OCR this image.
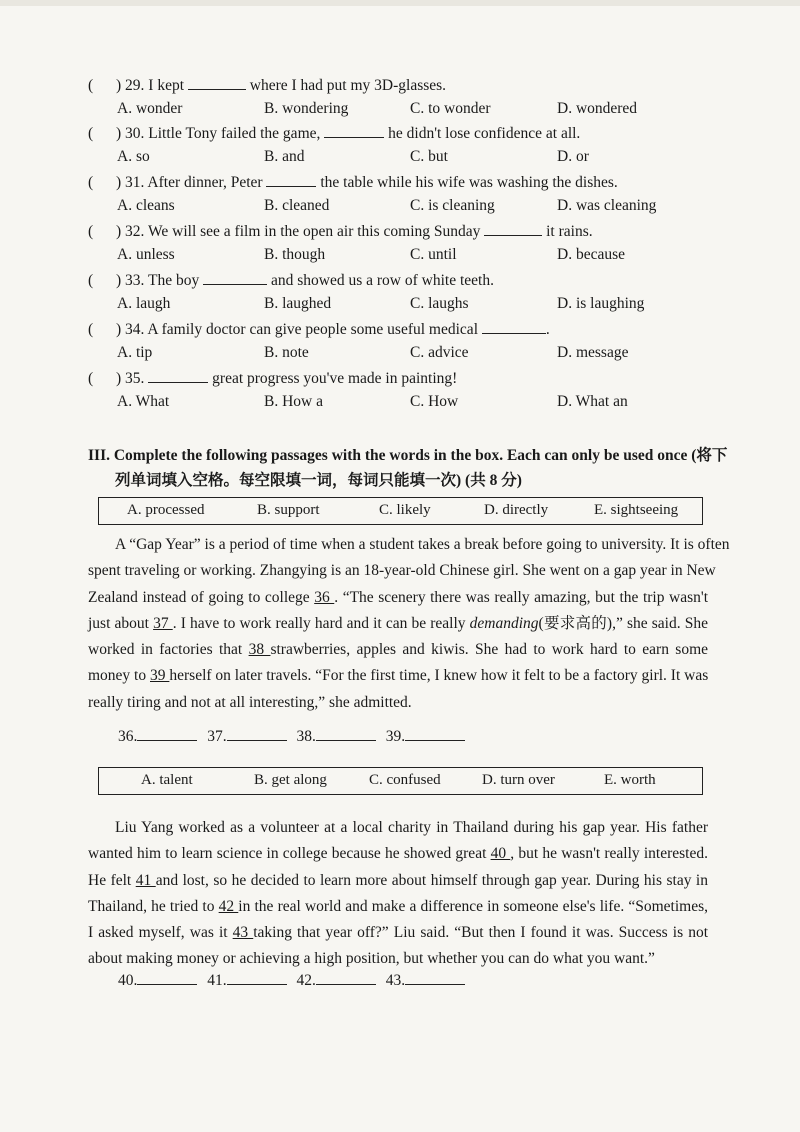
( ) 29. I kept	where I had put my 3D-glasses.
A. wonder	B. wondering	C. to wonder	D. wondered
( ) 30. Little Tony failed the game,	he didn't lose confidence at all.
A. so	B. and	C. but	D. or
( ) 31. After dinner, Peter	the table while his wife was washing the dishes.
A. cleans	B. cleaned	C. is cleaning	D. was cleaning
( ) 32. We will see a film in the open air this coming Sunday	it rains.
A. unless	B. though	C. until	D. because
( ) 33. The boy	and showed us a row of white teeth.
A. laugh	B. laughed	C. laughs	D. is laughing
( ) 34. A family doctor can give people some useful medical	.
A. tip	B. note	C. advice	D. message
( ) 35.	great progress you've made in painting!
A. What	B. How a	C. How	D. What an
III. Complete the following passages with the words in the box. Each can only be used once (将下
列单词填入空格。每空限填一词，每词只能填一次) (共 8 分)
A. processed	B. support	C. likely	D. directly	E. sightseeing
A “Gap Year” is a period of time when a student takes a break before going to university. It is often
spent traveling or working. Zhangying is an 18-year-old Chinese girl. She went on a gap year in New
Zealand instead of going to college 36 . “The scenery there was really amazing, but the trip wasn't
just about 37 . I have to work really hard and it can be really demanding(要求高的),” she said. She
worked in factories that 38 strawberries, apples and kiwis. She had to work hard to earn some
money to 39 herself on later travels. “For the first time, I knew how it felt to be a factory girl. It was
really tiring and not at all interesting,” she admitted.
36.	37.	38.	39.
A. talent	B. get along	C. confused	D. turn over	E. worth
Liu Yang worked as a volunteer at a local charity in Thailand during his gap year. His father
wanted him to learn science in college because he showed great 40 , but he wasn't really interested.
He felt 41 and lost, so he decided to learn more about himself through gap year. During his stay in
Thailand, he tried to 42 in the real world and make a difference in someone else's life. “Sometimes,
I asked myself, was it 43 taking that year off?” Liu said. “But then I found it was. Success is not
about making money or achieving a high position, but whether you can do what you want.”
40.	41.	42.	43.
